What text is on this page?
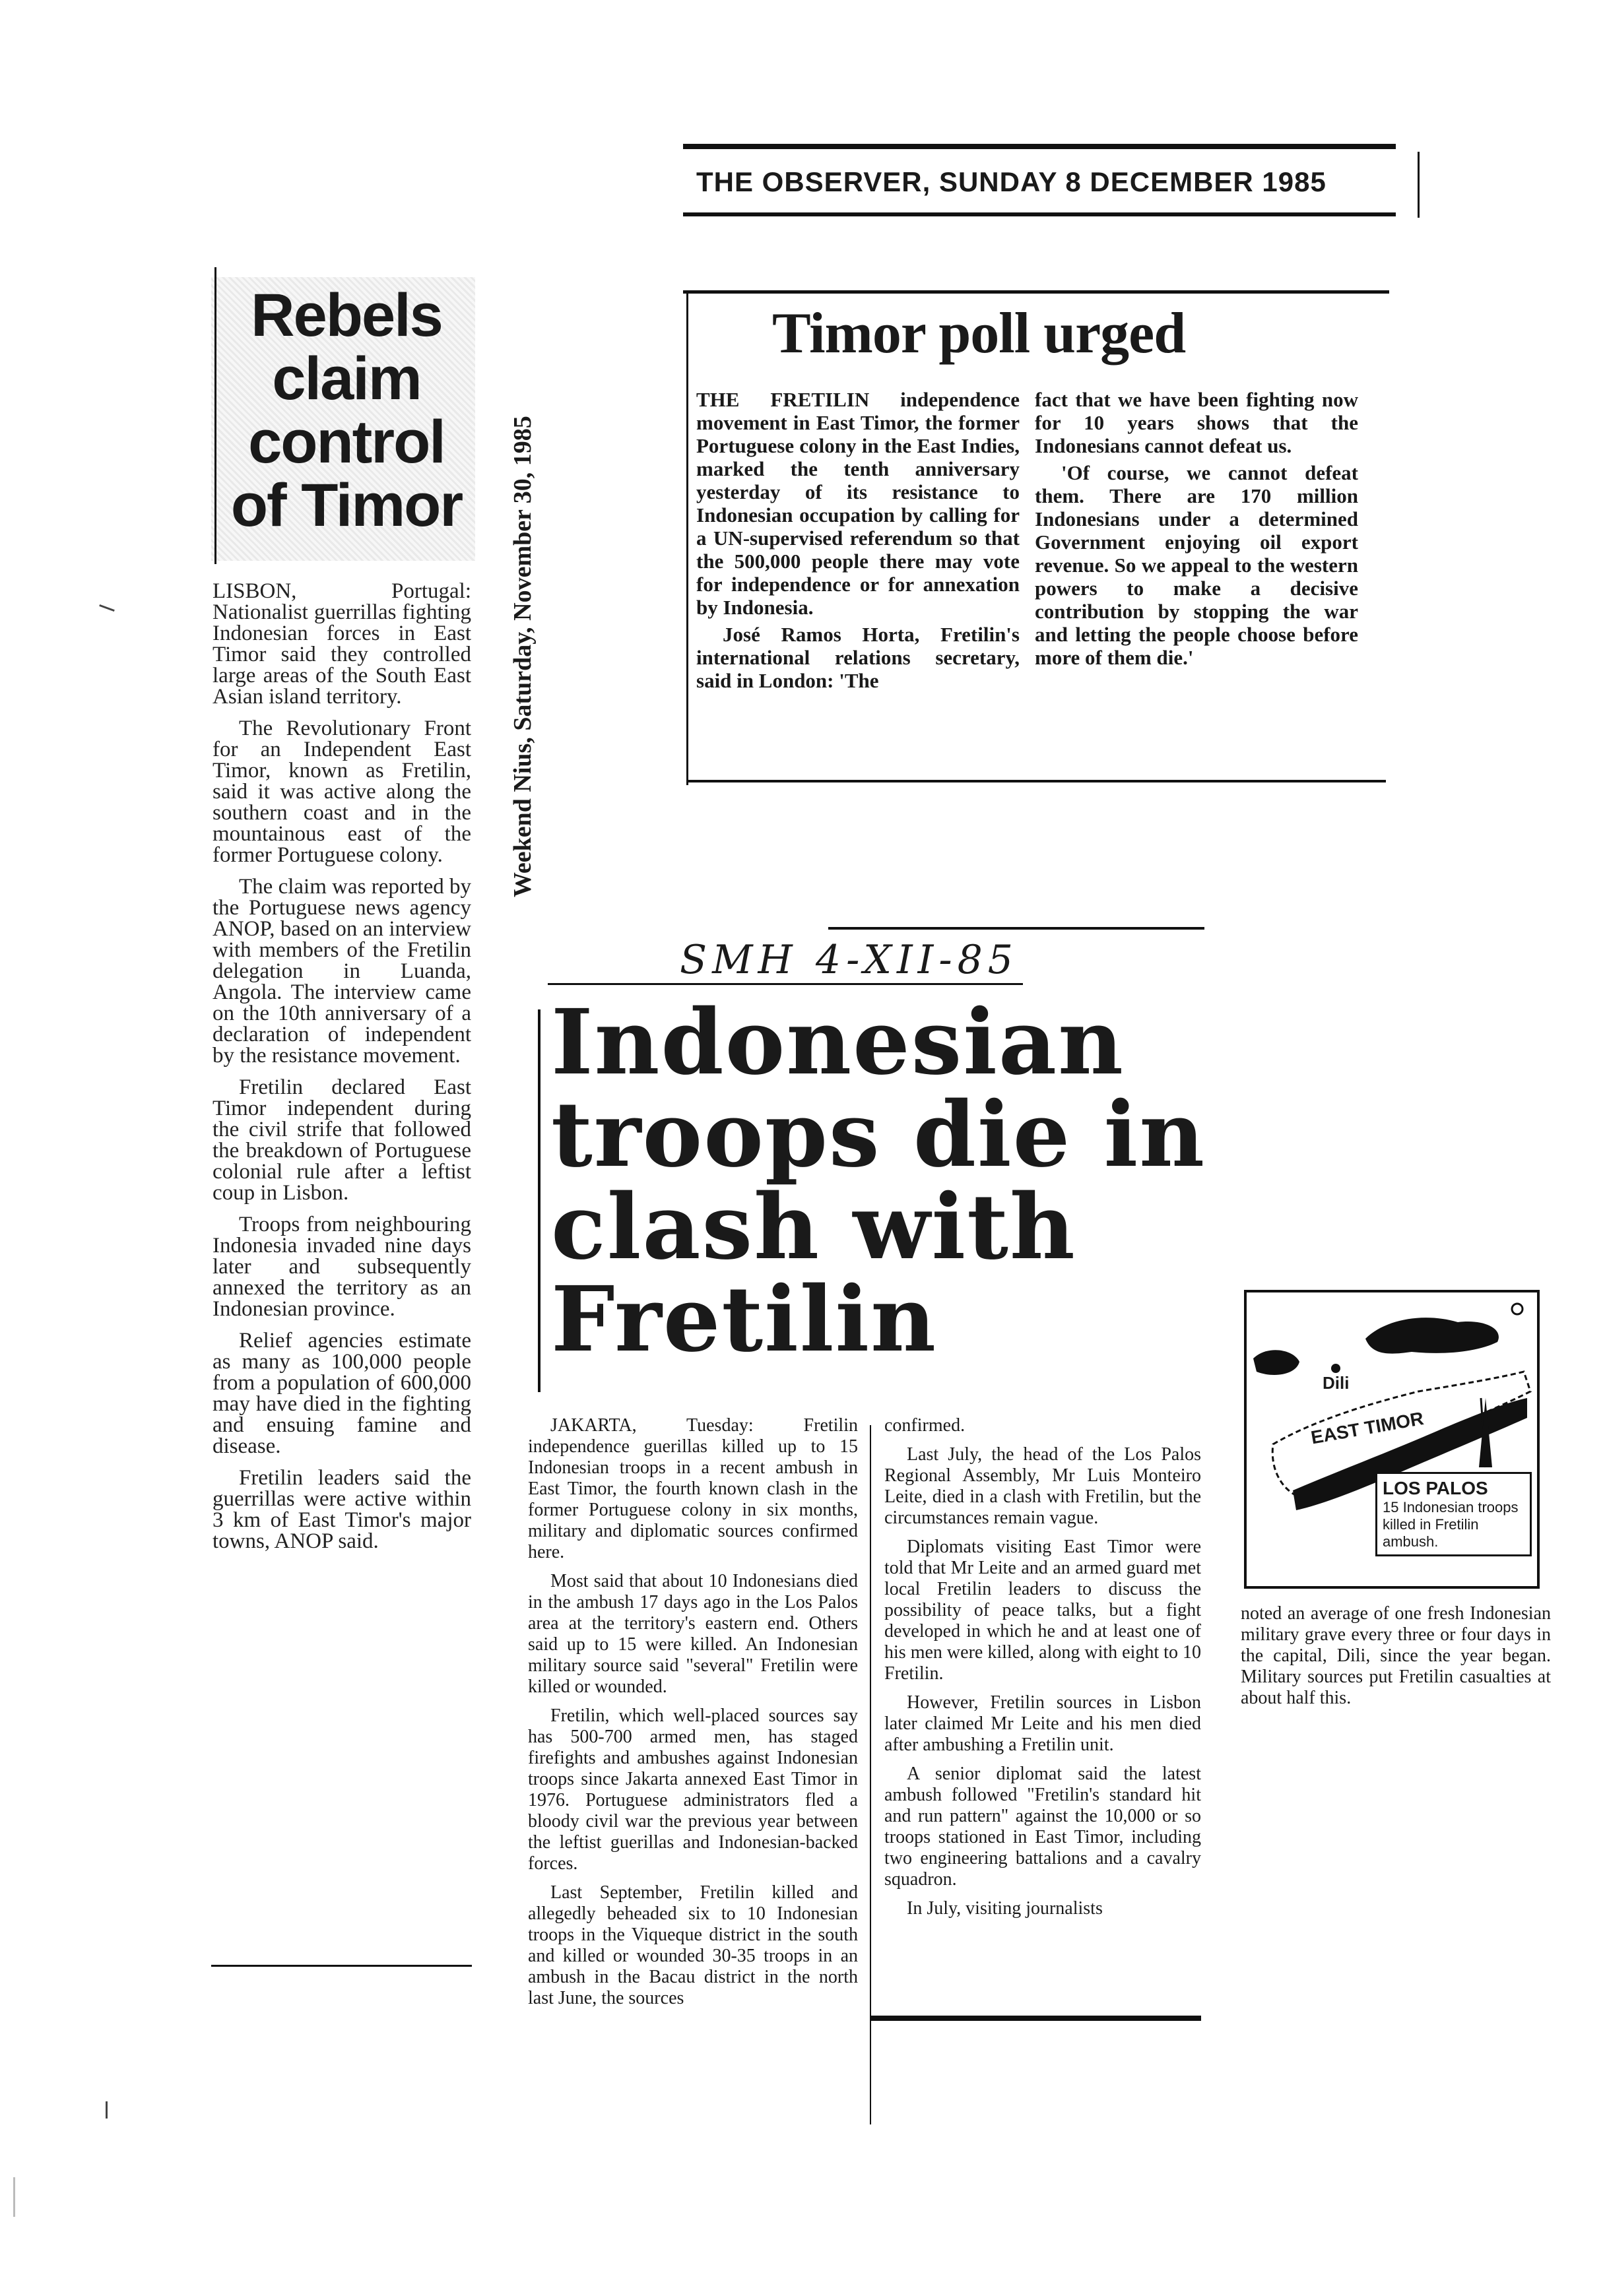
THE OBSERVER, SUNDAY 8 DECEMBER 1985
Rebels
claim
control
of Timor

LISBON, Portugal: Nationalist guerrillas fighting Indonesian forces in East Timor said they controlled large areas of the South East Asian island territory.

The Revolutionary Front for an Independent East Timor, known as Fretilin, said it was active along the southern coast and in the mountainous east of the former Portuguese colony.

The claim was reported by the Portuguese news agency ANOP, based on an interview with members of the Fretilin delegation in Luanda, Angola. The interview came on the 10th anniversary of a declaration of independent by the resistance movement.

Fretilin declared East Timor independent during the civil strife that followed the breakdown of Portuguese colonial rule after a leftist coup in Lisbon.

Troops from neighbouring Indonesia invaded nine days later and subsequently annexed the territory as an Indonesian province.

Relief agencies estimate as many as 100,000 people from a population of 600,000 may have died in the fighting and ensuing famine and disease.

Fretilin leaders said the guerrillas were active within 3 km of East Timor's major towns, ANOP said.

Weekend Nius, Saturday, November 30, 1985
Timor poll urged

THE FRETILIN independence movement in East Timor, the former Portuguese colony in the East Indies, marked the tenth anniversary yesterday of its resistance to Indonesian occupation by calling for a UN-supervised referendum so that the 500,000 people there may vote for independence or for annexation by Indonesia.

José Ramos Horta, Fretilin's international relations secretary, said in London: 'The

fact that we have been fighting now for 10 years shows that the Indonesians cannot defeat us.

'Of course, we cannot defeat them. There are 170 million Indonesians under a determined Government enjoying oil export revenue. So we appeal to the western powers to make a decisive contribution by stopping the war and letting the people choose before more of them die.'

SMH 4-XII-85
Indonesian
troops die in
clash with
Fretilin

JAKARTA, Tuesday: Fretilin independence guerillas killed up to 15 Indonesian troops in a recent ambush in East Timor, the fourth known clash in the former Portuguese colony in six months, military and diplomatic sources confirmed here.

Most said that about 10 Indonesians died in the ambush 17 days ago in the Los Palos area at the territory's eastern end. Others said up to 15 were killed. An Indonesian military source said "several" Fretilin were killed or wounded.

Fretilin, which well-placed sources say has 500-700 armed men, has staged firefights and ambushes against Indonesian troops since Jakarta annexed East Timor in 1976. Portuguese administrators fled a bloody civil war the previous year between the leftist guerillas and Indonesian-backed forces.

Last September, Fretilin killed and allegedly beheaded six to 10 Indonesian troops in the Viqueque district in the south and killed or wounded 30-35 troops in an ambush in the Bacau district in the north last June, the sources

confirmed.

Last July, the head of the Los Palos Regional Assembly, Mr Luis Monteiro Leite, died in a clash with Fretilin, but the circumstances remain vague.

Diplomats visiting East Timor were told that Mr Leite and an armed guard met local Fretilin leaders to discuss the possibility of peace talks, but a fight developed in which he and at least one of his men were killed, along with eight to 10 Fretilin.

However, Fretilin sources in Lisbon later claimed Mr Leite and his men died after ambushing a Fretilin unit.

A senior diplomat said the latest ambush followed "Fretilin's standard hit and run pattern" against the 10,000 or so troops stationed in East Timor, including two engineering battalions and a cavalry squadron.

In July, visiting journalists

noted an average of one fresh Indonesian military grave every three or four days in the capital, Dili, since the year began. Military sources put Fretilin casualties at about half this.

Dili
EAST TIMOR
LOS PALOS
15 Indonesian troops killed in Fretilin ambush.
